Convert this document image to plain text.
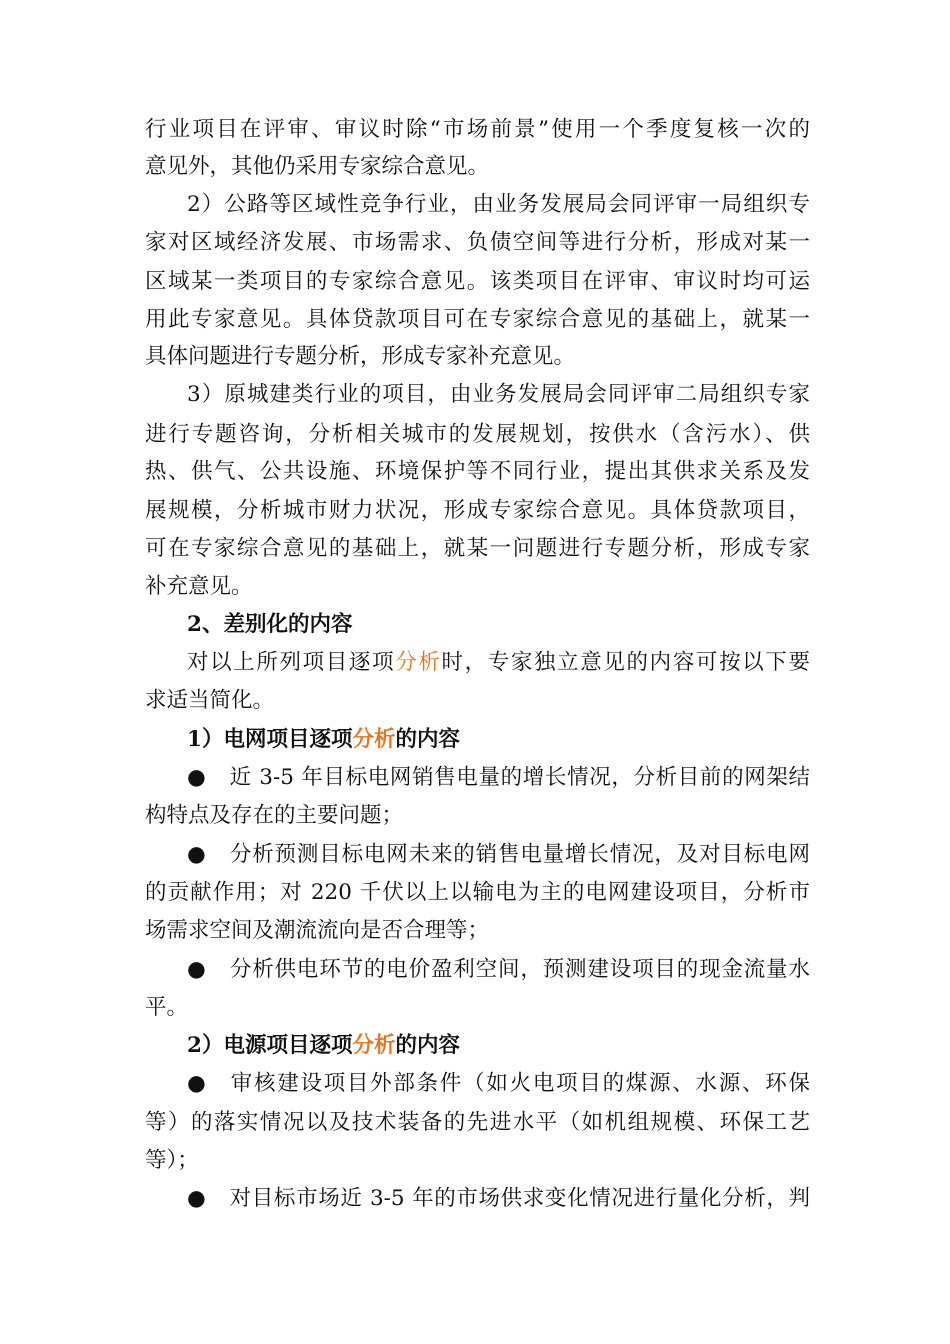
行业项目在评审、审议时除“市场前景”使用一个季度复核一次的
意见外，其他仍采用专家综合意见。
2）公路等区域性竞争行业，由业务发展局会同评审一局组织专
家对区域经济发展、市场需求、负债空间等进行分析，形成对某一
区域某一类项目的专家综合意见。该类项目在评审、审议时均可运
用此专家意见。具体贷款项目可在专家综合意见的基础上，就某一
具体问题进行专题分析，形成专家补充意见。
3）原城建类行业的项目，由业务发展局会同评审二局组织专家
进行专题咨询，分析相关城市的发展规划，按供水（含污水）、供
热、供气、公共设施、环境保护等不同行业，提出其供求关系及发
展规模，分析城市财力状况，形成专家综合意见。具体贷款项目，
可在专家综合意见的基础上，就某一问题进行专题分析，形成专家
补充意见。
2、差别化的内容
对以上所列项目逐项分析时，专家独立意见的内容可按以下要
求适当简化。
1）电网项目逐项分析的内容
● 近 3-5 年目标电网销售电量的增长情况，分析目前的网架结
构特点及存在的主要问题；
● 分析预测目标电网未来的销售电量增长情况，及对目标电网
的贡献作用；对 220 千伏以上以输电为主的电网建设项目，分析市
场需求空间及潮流流向是否合理等；
● 分析供电环节的电价盈利空间，预测建设项目的现金流量水
平。
2）电源项目逐项分析的内容
● 审核建设项目外部条件（如火电项目的煤源、水源、环保
等）的落实情况以及技术装备的先进水平（如机组规模、环保工艺
等）；
● 对目标市场近 3-5 年的市场供求变化情况进行量化分析，判
